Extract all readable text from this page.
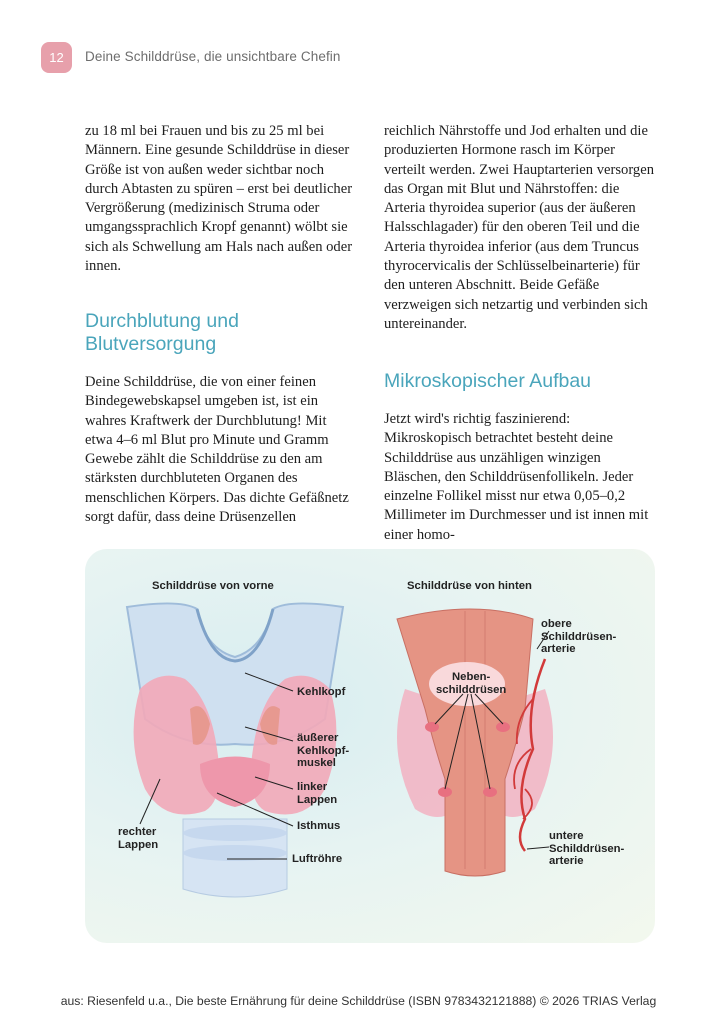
12 Deine Schilddrüse, die unsichtbare Chefin

zu 18 ml bei Frauen und bis zu 25 ml bei Männern. Eine gesunde Schilddrüse in dieser Größe ist von außen weder sichtbar noch durch Abtasten zu spüren – erst bei deutlicher Vergrößerung (medizinisch Struma oder umgangssprachlich Kropf genannt) wölbt sie sich als Schwellung am Hals nach außen oder innen.

Durchblutung und Blutversorgung

Deine Schilddrüse, die von einer feinen Bindegewebskapsel umgeben ist, ist ein wahres Kraftwerk der Durchblutung! Mit etwa 4–6 ml Blut pro Minute und Gramm Gewebe zählt die Schilddrüse zu den am stärksten durchbluteten Organen des menschlichen Körpers. Das dichte Gefäßnetz sorgt dafür, dass deine Drüsenzellen

reichlich Nährstoffe und Jod erhalten und die produzierten Hormone rasch im Körper verteilt werden. Zwei Hauptarterien versorgen das Organ mit Blut und Nährstoffen: die Arteria thyroidea superior (aus der äußeren Halsschlagader) für den oberen Teil und die Arteria thyroidea inferior (aus dem Truncus thyrocervicalis der Schlüsselbeinarterie) für den unteren Abschnitt. Beide Gefäße verzweigen sich netzartig und verbinden sich untereinander.

Mikroskopischer Aufbau

Jetzt wird's richtig faszinierend: Mikroskopisch betrachtet besteht deine Schilddrüse aus unzähligen winzigen Bläschen, den Schilddrüsenfollikeln. Jeder einzelne Follikel misst nur etwa 0,05–0,2 Millimeter im Durchmesser und ist innen mit einer homo-

Schilddrüse von vorne	Schilddrüse von hinten
Kehlkopf
äußerer
Kehlkopf-
muskel
linker
Lappen
Isthmus
rechter
Lappen
Luftröhre
obere
Schilddrüsen-
arterie
Neben-
schilddrüsen
untere
Schilddrüsen-
arterie
aus: Riesenfeld u.a., Die beste Ernährung für deine Schilddrüse (ISBN 9783432121888) © 2026 TRIAS Verlag
